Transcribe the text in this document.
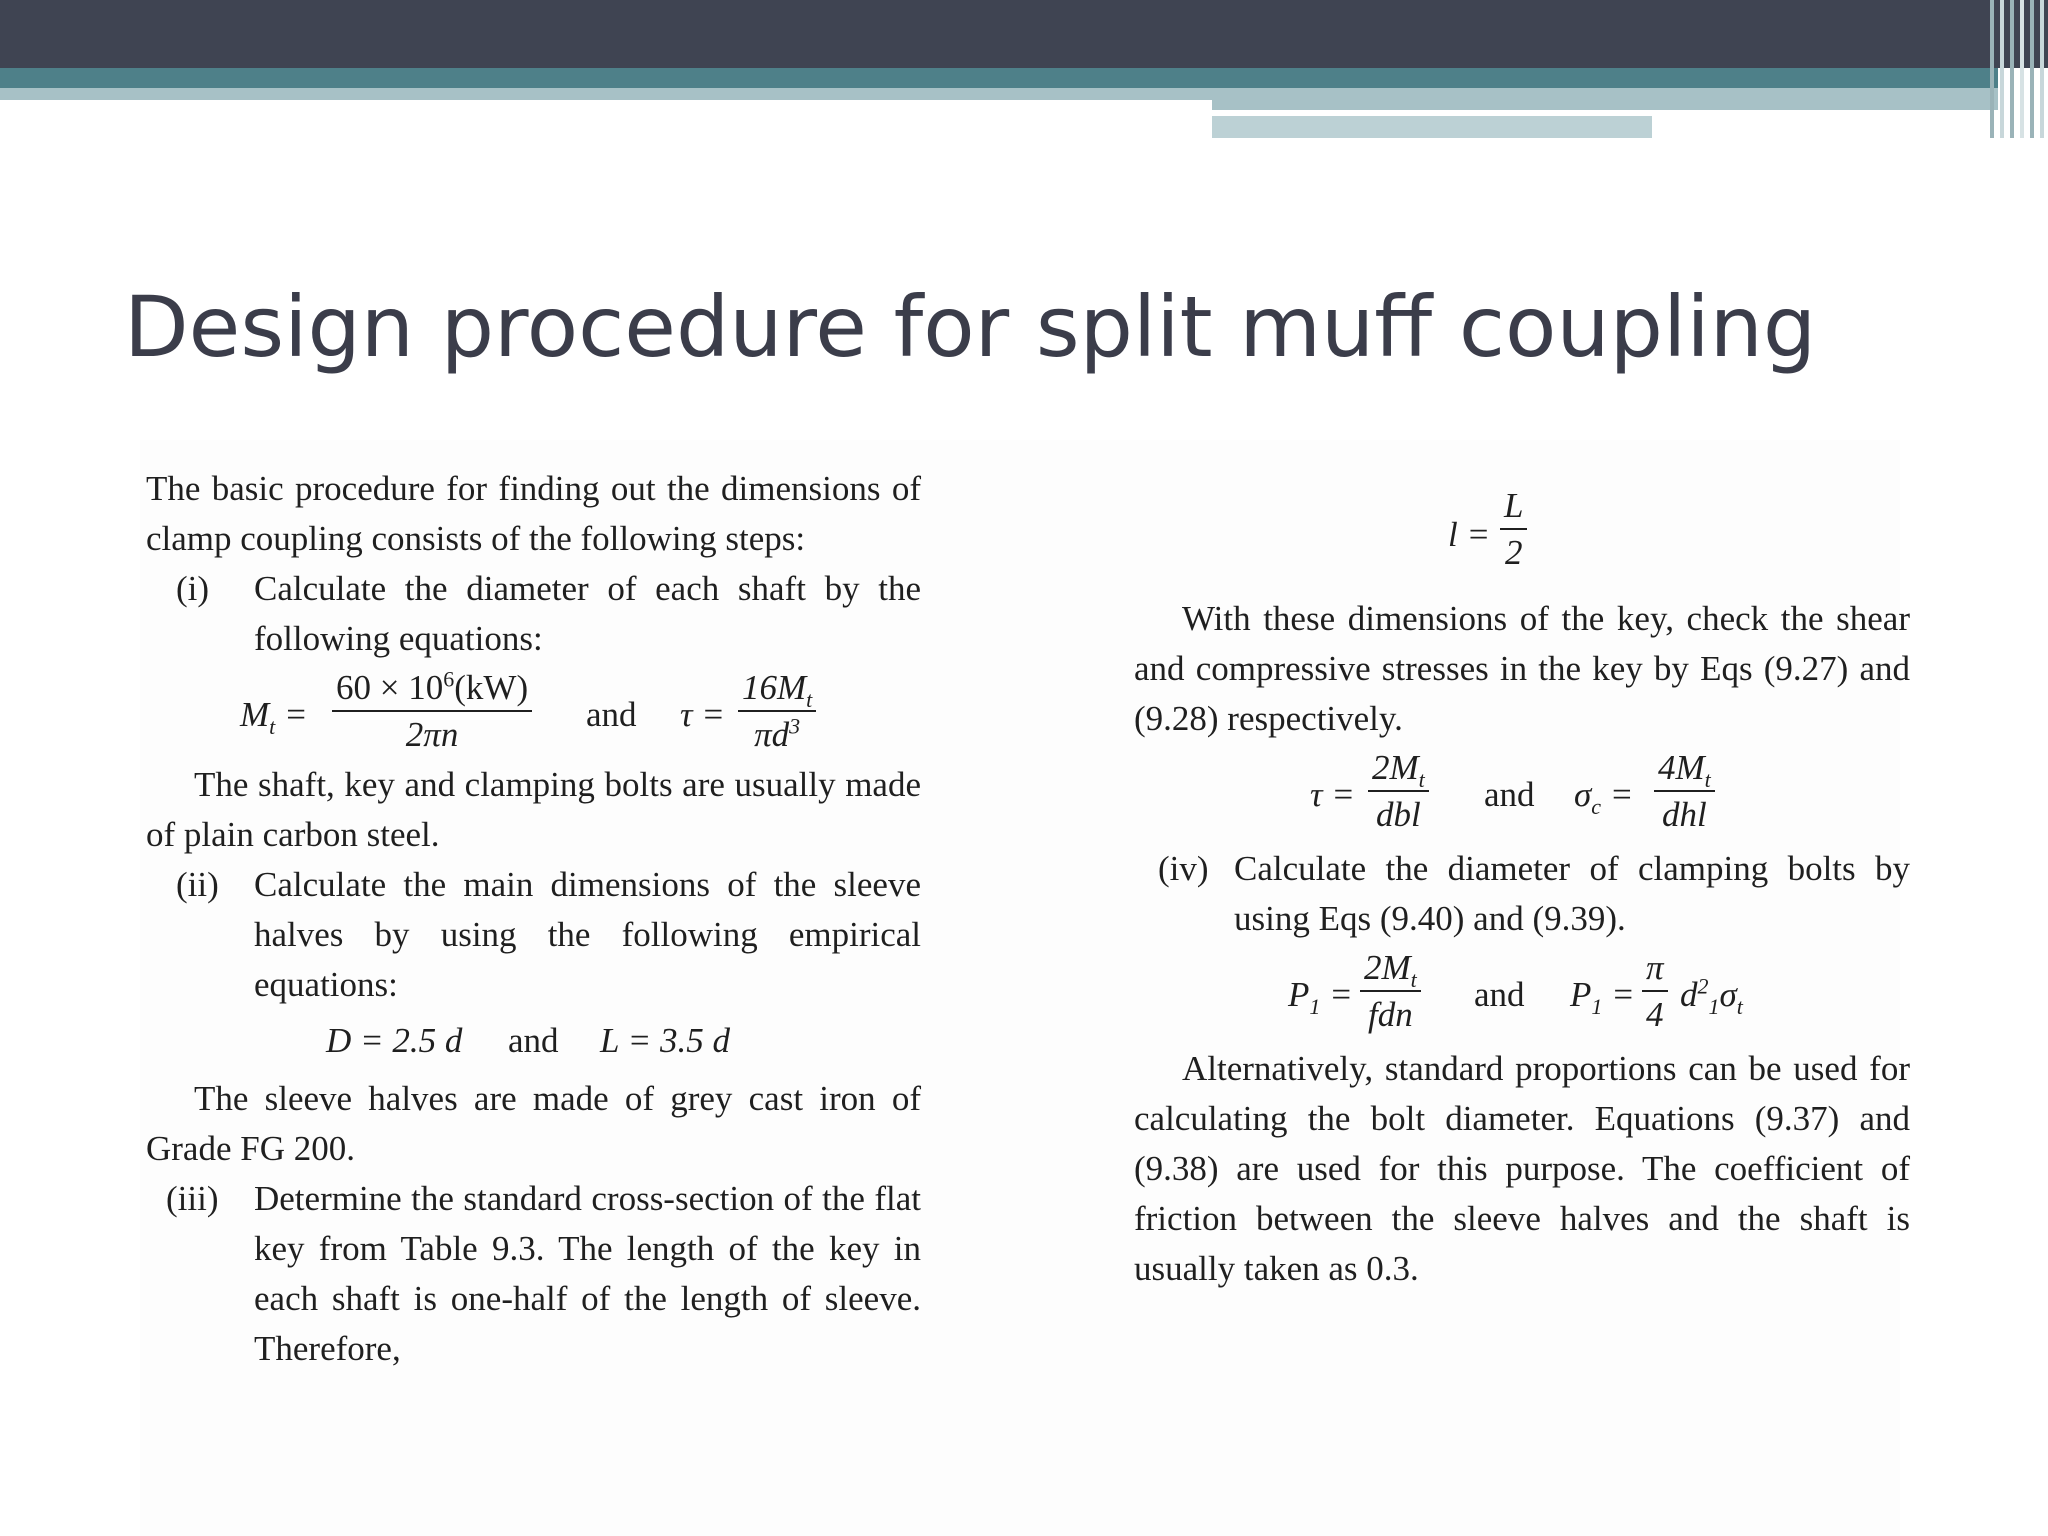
Design procedure for split muff coupling

The basic procedure for finding out the dimensions of clamp coupling consists of the following steps:

(i) Calculate the diameter of each shaft by the following equations:
$M_t = \frac{60 \times 10^6(kW)}{2\pi n}$ and $\tau = \frac{16M_t}{\pi d^3}$

The shaft, key and clamping bolts are usually made of plain carbon steel.

(ii) Calculate the main dimensions of the sleeve halves by using the following empirical equations:
D = 2.5 d and L = 3.5 d

The sleeve halves are made of grey cast iron of Grade FG 200.

(iii) Determine the standard cross-section of the flat key from Table 9.3. The length of the key in each shaft is one-half of the length of sleeve. Therefore,
$l = \frac{L}{2}$

With these dimensions of the key, check the shear and compressive stresses in the key by Eqs (9.27) and (9.28) respectively.

τ =
$2M_t$
dbl
and $\sigma_c$ =
$4M_t$
dhl
(iv) Calculate the diameter of clamping bolts by using Eqs (9.40) and (9.39).
$P_1$ =
$2M_t$
fdn
and $P_1 = \frac{\pi}{4} d^2_1\sigma_t$

Alternatively, standard proportions can be used for calculating the bolt diameter. Equations (9.37) and (9.38) are used for this purpose. The coefficient of friction between the sleeve halves and the shaft is usually taken as 0.3.
